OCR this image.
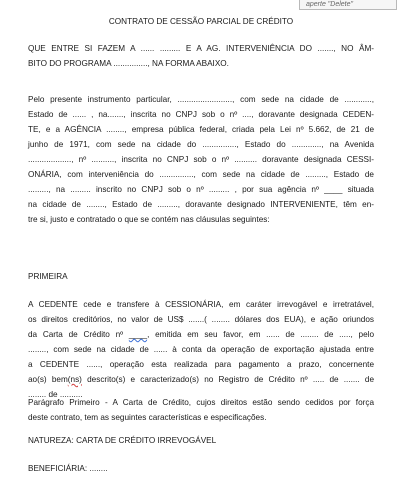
aperte "Delete"
CONTRATO DE CESSÃO PARCIAL DE CRÉDITO
QUE ENTRE SI FAZEM A ...... ......... E A AG. INTERVENIÊNCIA DO ......., NO ÂM-
BITO DO PROGRAMA ..............., NA FORMA ABAIXO.
Pelo presente instrumento particular, ........................, com sede na cidade de ............,
Estado de ...... , na......., inscrita no CNPJ sob o nº ...., doravante designada CEDEN-
TE, e a AGÊNCIA ........, empresa pública federal, criada pela Lei nº 5.662, de 21 de
junho de 1971, com sede na cidade do ..............., Estado do ............., na Avenida
..................., nº .........., inscrita no CNPJ sob o nº .......... doravante designada CESSI-
ONÁRIA, com interveniência do ..............., com sede na cidade de ........., Estado de
........., na ......... inscrito no CNPJ sob o nº ......... , por sua agência nº ____ situada
na cidade de ........, Estado de ........., doravante designado INTERVENIENTE, têm en-
tre si, justo e contratado o que se contém nas cláusulas seguintes:
PRIMEIRA
A CEDENTE cede e transfere à CESSIONÁRIA, em caráter irrevogável e irretratável,
os direitos creditórios, no valor de US$ .......( ........ dólares dos EUA), e ação oriundos
da Carta de Crédito nº ____, emitida em seu favor, em ...... de ........ de ....., pelo
........, com sede na cidade de ...... à conta da operação de exportação ajustada entre
a CEDENTE ......, operação esta realizada para pagamento a prazo, concernente
ao(s) bem(ns) descrito(s) e caracterizado(s) no Registro de Crédito nº ..... de ....... de
........ de ..........
Parágrafo Primeiro - A Carta de Crédito, cujos direitos estão sendo cedidos por força
deste contrato, tem as seguintes características e especificações.
NATUREZA: CARTA DE CRÉDITO IRREVOGÁVEL
BENEFICIÁRIA: ........
